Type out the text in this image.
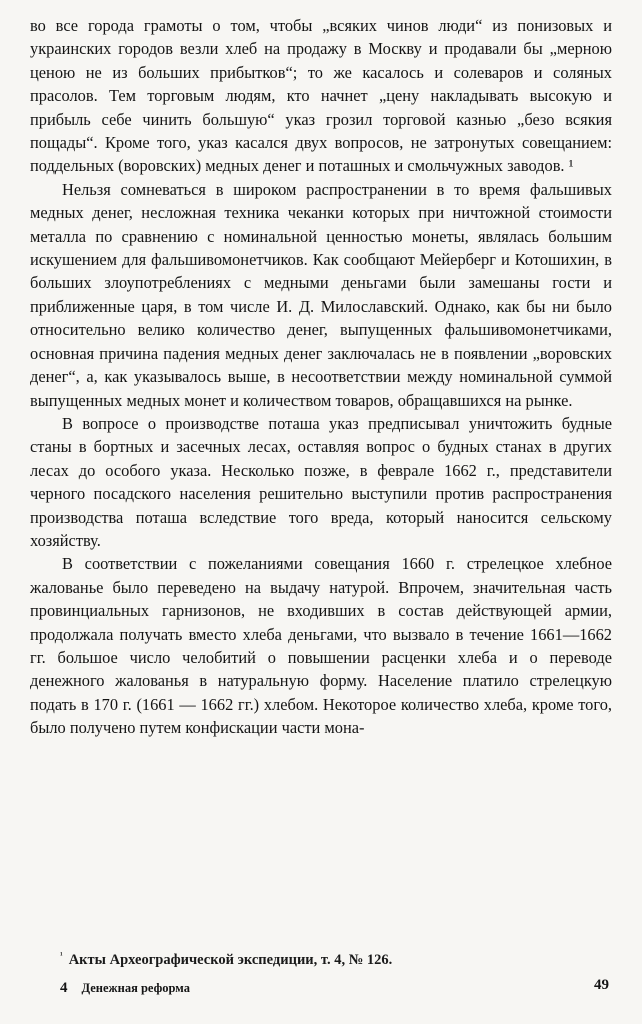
во все города грамоты о том, чтобы „всяких чинов люди“ из понизовых и украинских городов везли хлеб на продажу в Москву и продавали бы „мерною ценою не из больших прибытков“; то же касалось и солеваров и соляных прасолов. Тем торговым людям, кто начнет „цену накладывать высокую и прибыль себе чинить большую“ указ грозил торговой казнью „безо всякия пощады“. Кроме того, указ касался двух вопросов, не затронутых совещанием: поддельных (воровских) медных денег и поташных и смольчужных заводов. ¹

Нельзя сомневаться в широком распространении в то время фальшивых медных денег, несложная техника чеканки которых при ничтожной стоимости металла по сравнению с номинальной ценностью монеты, являлась большим искушением для фальшивомонетчиков. Как сообщают Мейерберг и Котошихин, в больших злоупотреблениях с медными деньгами были замешаны гости и приближенные царя, в том числе И. Д. Милославский. Однако, как бы ни было относительно велико количество денег, выпущенных фальшивомонетчиками, основная причина падения медных денег заключалась не в появлении „воровских денег“, а, как указывалось выше, в несоответствии между номинальной суммой выпущенных медных монет и количеством товаров, обращавшихся на рынке.

В вопросе о производстве поташа указ предписывал уничтожить будные станы в бортных и засечных лесах, оставляя вопрос о будных станах в других лесах до особого указа. Несколько позже, в феврале 1662 г., представители черного посадского населения решительно выступили против распространения производства поташа вследствие того вреда, который наносится сельскому хозяйству.

В соответствии с пожеланиями совещания 1660 г. стрелецкое хлебное жалованье было переведено на выдачу натурой. Впрочем, значительная часть провинциальных гарнизонов, не входивших в состав действующей армии, продолжала получать вместо хлеба деньгами, что вызвало в течение 1661—1662 гг. большое число челобитий о повышении расценки хлеба и о переводе денежного жалованья в натуральную форму. Население платило стрелецкую подать в 170 г. (1661 — 1662 гг.) хлебом. Некоторое количество хлеба, кроме того, было получено путем конфискации части мона-

$^{^1}$ Акты Археографической экспедиции, т. 4, № 126.
4 Денежная реформа	49
